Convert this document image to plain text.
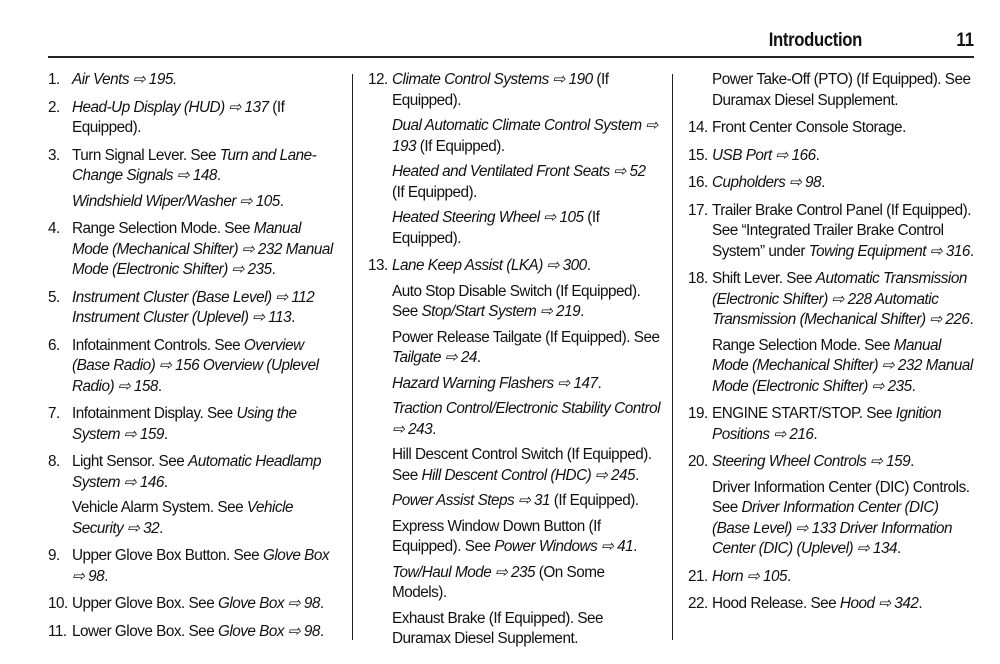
Introduction	11
1. Air Vents ⇨ 195.
2. Head-Up Display (HUD) ⇨ 137 (If Equipped).
3. Turn Signal Lever. See Turn and Lane-Change Signals ⇨ 148.
Windshield Wiper/Washer ⇨ 105.
4. Range Selection Mode. See Manual Mode (Mechanical Shifter) ⇨ 232 Manual Mode (Electronic Shifter) ⇨ 235.
5. Instrument Cluster (Base Level) ⇨ 112 Instrument Cluster (Uplevel) ⇨ 113.
6. Infotainment Controls. See Overview (Base Radio) ⇨ 156 Overview (Uplevel Radio) ⇨ 158.
7. Infotainment Display. See Using the System ⇨ 159.
8. Light Sensor. See Automatic Headlamp System ⇨ 146.
Vehicle Alarm System. See Vehicle Security ⇨ 32.
9. Upper Glove Box Button. See Glove Box ⇨ 98.
10. Upper Glove Box. See Glove Box ⇨ 98.
11. Lower Glove Box. See Glove Box ⇨ 98.
12. Climate Control Systems ⇨ 190 (If Equipped).
Dual Automatic Climate Control System ⇨ 193 (If Equipped).
Heated and Ventilated Front Seats ⇨ 52 (If Equipped).
Heated Steering Wheel ⇨ 105 (If Equipped).
13. Lane Keep Assist (LKA) ⇨ 300.
Auto Stop Disable Switch (If Equipped). See Stop/Start System ⇨ 219.
Power Release Tailgate (If Equipped). See Tailgate ⇨ 24.
Hazard Warning Flashers ⇨ 147.
Traction Control/Electronic Stability Control ⇨ 243.
Hill Descent Control Switch (If Equipped). See Hill Descent Control (HDC) ⇨ 245.
Power Assist Steps ⇨ 31 (If Equipped).
Express Window Down Button (If Equipped). See Power Windows ⇨ 41.
Tow/Haul Mode ⇨ 235 (On Some Models).
Exhaust Brake (If Equipped). See Duramax Diesel Supplement.
Power Take-Off (PTO) (If Equipped). See Duramax Diesel Supplement.
14. Front Center Console Storage.
15. USB Port ⇨ 166.
16. Cupholders ⇨ 98.
17. Trailer Brake Control Panel (If Equipped). See “Integrated Trailer Brake Control System” under Towing Equipment ⇨ 316.
18. Shift Lever. See Automatic Transmission (Electronic Shifter) ⇨ 228 Automatic Transmission (Mechanical Shifter) ⇨ 226.
Range Selection Mode. See Manual Mode (Mechanical Shifter) ⇨ 232 Manual Mode (Electronic Shifter) ⇨ 235.
19. ENGINE START/STOP. See Ignition Positions ⇨ 216.
20. Steering Wheel Controls ⇨ 159.
Driver Information Center (DIC) Controls. See Driver Information Center (DIC) (Base Level) ⇨ 133 Driver Information Center (DIC) (Uplevel) ⇨ 134.
21. Horn ⇨ 105.
22. Hood Release. See Hood ⇨ 342.
